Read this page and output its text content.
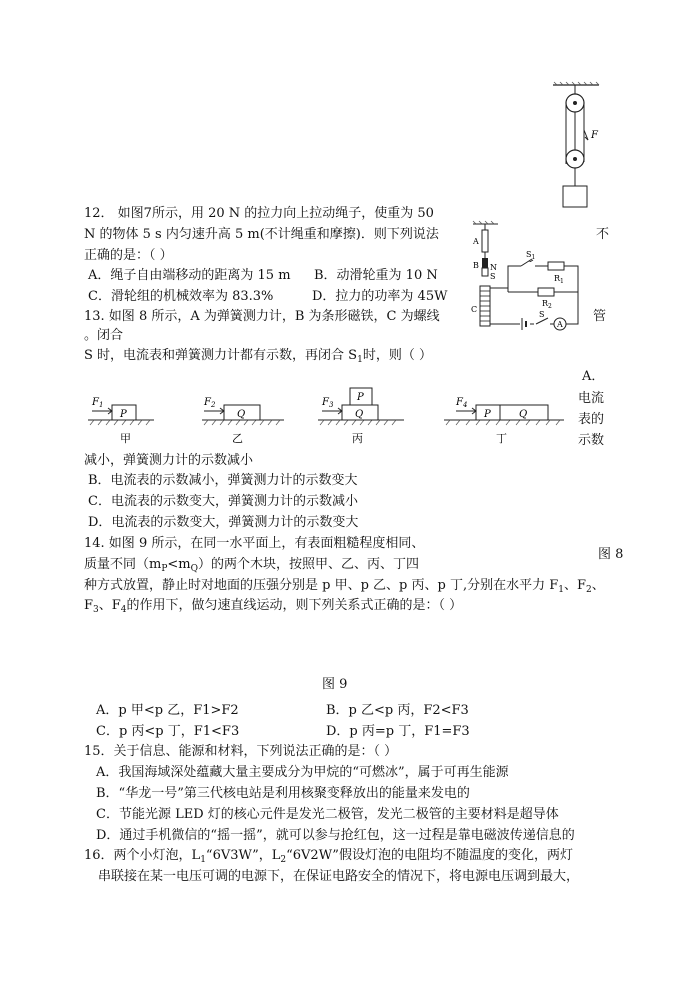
F
12． 如图7所示，用 20 N 的拉力向上拉动绳子，使重为 50
N 的物体 5 s 内匀速升高 5 m(不计绳重和摩擦)．则下列说法	不
正确的是：（ ）
A．绳子自由端移动的距离为 15 m B．动滑轮重为 10 N
C．滑轮组的机械效率为 83.3%	D．拉力的功率为 45W
A
B N
S
C
$S_1$
$R_1$
$R_2$
S
A
13. 如图 8 所示，A 为弹簧测力计，B 为条形磁铁，C 为螺线	管
。闭合
S 时，电流表和弹簧测力计都有示数，再闭合 $S_1$时，则（ ）
A．
电流
表的
示数
P
$F_1$
甲
Q
$F_2$
乙
Q
P
$F_3$
丙
P	Q
$F_4$
丁
减小，弹簧测力计的示数减小
B．电流表的示数减小，弹簧测力计的示数变大
C．电流表的示数变大，弹簧测力计的示数减小
D．电流表的示数变大，弹簧测力计的示数变大
14. 如图 9 所示，在同一水平面上，有表面粗糙程度相同、
图 8
质量不同$(m_P<m_Q)$的两个木块，按照甲、乙、丙、丁四
种方式放置，静止时对地面的压强分别是 p 甲、p 乙、p 丙、p 丁,分别在水平力 $F_1$、$F_2$、
$F_3$、$F_4$的作用下，做匀速直线运动，则下列关系式正确的是：（ ）
图 9
A．p 甲<p 乙，F1>F2	B．p 乙<p 丙，F2<F3
C．p 丙<p 丁，F1<F3	D．p 丙=p 丁，F1=F3
15．关于信息、能源和材料，下列说法正确的是：（ ）
A．我国海域深处蕴藏大量主要成分为甲烷的“可燃冰”，属于可再生能源
B．“华龙一号”第三代核电站是利用核聚变释放出的能量来发电的
C．节能光源 LED 灯的核心元件是发光二极管，发光二极管的主要材料是超导体
D．通过手机微信的“摇一摇”，就可以参与抢红包，这一过程是靠电磁波传递信息的
16．两个小灯泡，$L_1“6V3W$”，$L_2“6V2W$”假设灯泡的电阻均不随温度的变化，两灯
串联接在某一电压可调的电源下，在保证电路安全的情况下，将电源电压调到最大，
